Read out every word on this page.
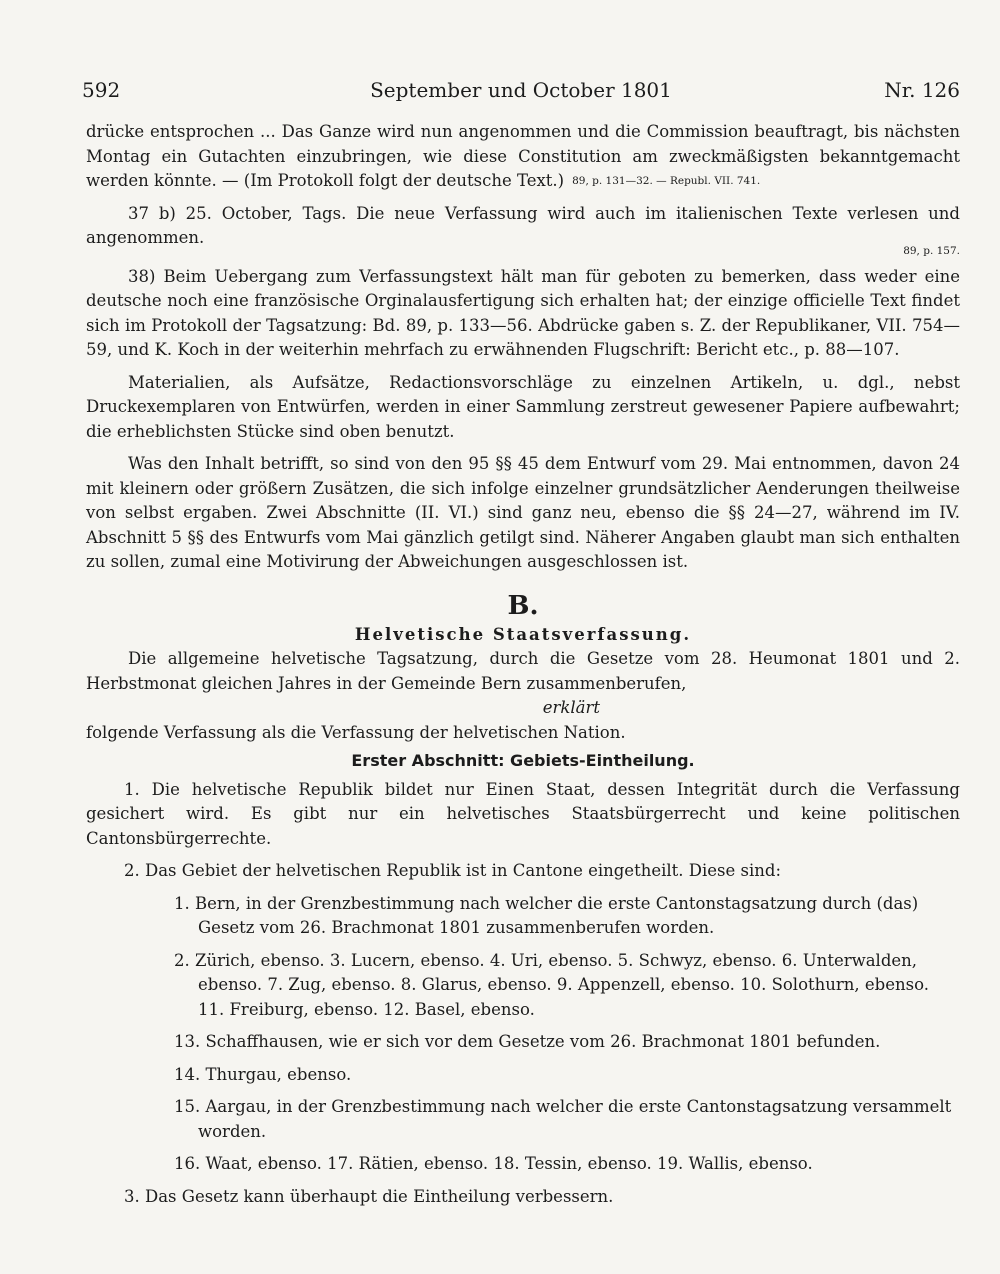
592	September und October 1801	Nr. 126

drücke entsprochen ... Das Ganze wird nun angenommen und die Commission beauftragt, bis nächsten Montag ein Gutachten einzubringen, wie diese Constitution am zweckmäßigsten bekanntgemacht werden könnte. — (Im Protokoll folgt der deutsche Text.) 89, p. 131—32. — Republ. VII. 741.

37 b) 25. October, Tags. Die neue Verfassung wird auch im italienischen Texte verlesen und angenommen.

89, p. 157.

38) Beim Uebergang zum Verfassungstext hält man für geboten zu bemerken, dass weder eine deutsche noch eine französische Orginalausfertigung sich erhalten hat; der einzige officielle Text findet sich im Protokoll der Tagsatzung: Bd. 89, p. 133—56. Abdrücke gaben s. Z. der Republikaner, VII. 754—59, und K. Koch in der weiterhin mehrfach zu erwähnenden Flugschrift: Bericht etc., p. 88—107.

Materialien, als Aufsätze, Redactionsvorschläge zu einzelnen Artikeln, u. dgl., nebst Druckexemplaren von Entwürfen, werden in einer Sammlung zerstreut gewesener Papiere aufbewahrt; die erheblichsten Stücke sind oben benutzt.

Was den Inhalt betrifft, so sind von den 95 §§ 45 dem Entwurf vom 29. Mai entnommen, davon 24 mit kleinern oder größern Zusätzen, die sich infolge einzelner grundsätzlicher Aenderungen theilweise von selbst ergaben. Zwei Abschnitte (II. VI.) sind ganz neu, ebenso die §§ 24—27, während im IV. Abschnitt 5 §§ des Entwurfs vom Mai gänzlich getilgt sind. Näherer Angaben glaubt man sich enthalten zu sollen, zumal eine Motivirung der Abweichungen ausgeschlossen ist.

B.
Helvetische Staatsverfassung.

Die allgemeine helvetische Tagsatzung, durch die Gesetze vom 28. Heumonat 1801 und 2. Herbstmonat gleichen Jahres in der Gemeinde Bern zusammenberufen,

erklärt

folgende Verfassung als die Verfassung der helvetischen Nation.

Erster Abschnitt: Gebiets-Eintheilung.

1. Die helvetische Republik bildet nur Einen Staat, dessen Integrität durch die Verfassung gesichert wird. Es gibt nur ein helvetisches Staatsbürgerrecht und keine politischen Cantonsbürgerrechte.

2. Das Gebiet der helvetischen Republik ist in Cantone eingetheilt. Diese sind:

1. Bern, in der Grenzbestimmung nach welcher die erste Cantonstagsatzung durch (das) Gesetz vom 26. Brachmonat 1801 zusammenberufen worden.

2. Zürich, ebenso. 3. Lucern, ebenso. 4. Uri, ebenso. 5. Schwyz, ebenso. 6. Unterwalden, ebenso. 7. Zug, ebenso. 8. Glarus, ebenso. 9. Appenzell, ebenso. 10. Solothurn, ebenso. 11. Freiburg, ebenso. 12. Basel, ebenso.

13. Schaffhausen, wie er sich vor dem Gesetze vom 26. Brachmonat 1801 befunden.

14. Thurgau, ebenso.

15. Aargau, in der Grenzbestimmung nach welcher die erste Cantonstagsatzung versammelt worden.

16. Waat, ebenso. 17. Rätien, ebenso. 18. Tessin, ebenso. 19. Wallis, ebenso.

3. Das Gesetz kann überhaupt die Eintheilung verbessern.
